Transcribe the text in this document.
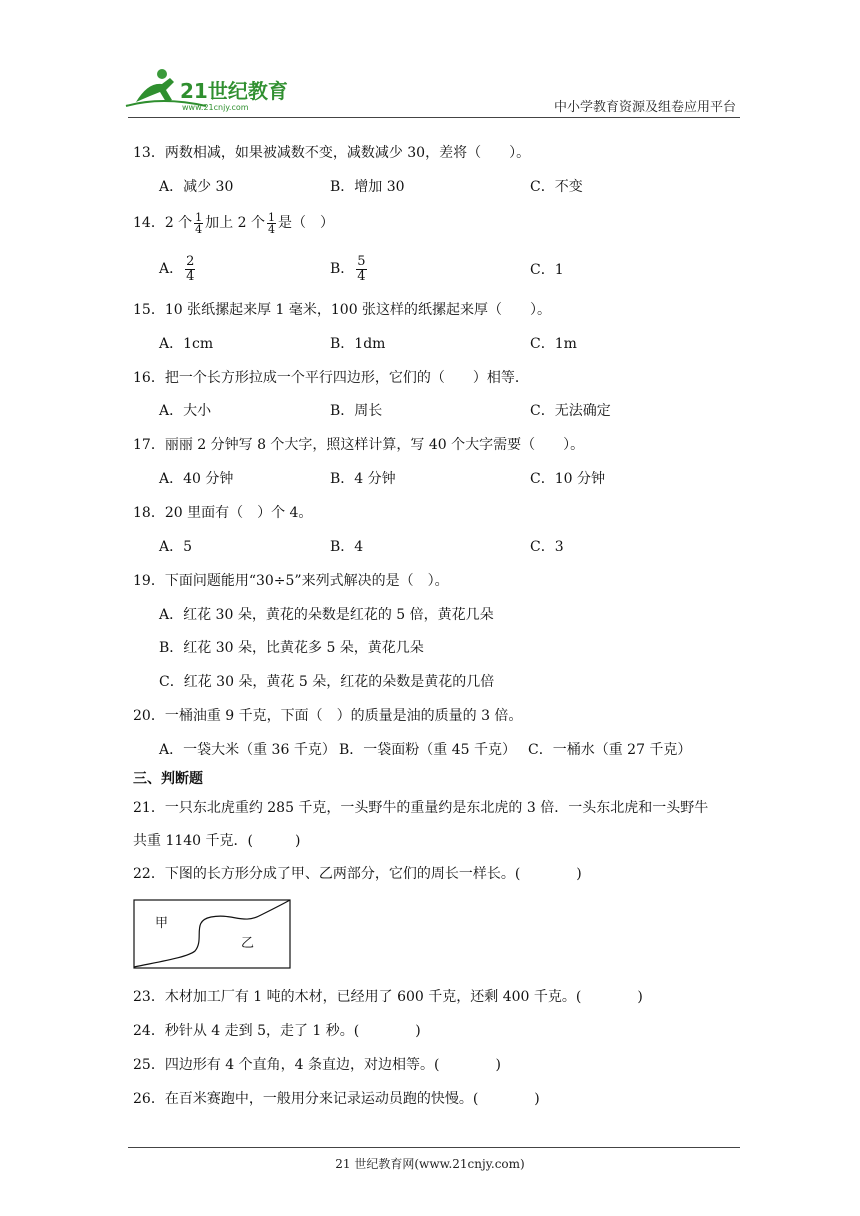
21世纪教育
www.21cnjy.com	中小学教育资源及组卷应用平台
13．两数相减，如果被减数不变，减数减少 30，差将（　　）。
A．减少 30	B．增加 30	C．不变
14．2 个 $\frac{1}{4}$ 加上 2 个 $\frac{1}{4}$ 是（　）
A． $\frac{2}{4}$	B． $\frac{5}{4}$	C．1
15．10 张纸摞起来厚 1 毫米，100 张这样的纸摞起来厚（　　）。
A．1cm	B．1dm	C．1m
16．把一个长方形拉成一个平行四边形，它们的（　　）相等．
A．大小	B．周长	C．无法确定
17．丽丽 2 分钟写 8 个大字，照这样计算，写 40 个大字需要（　　）。
A．40 分钟	B．4 分钟	C．10 分钟
18．20 里面有（　）个 4。
A．5	B．4	C．3
19．下面问题能用“30÷5”来列式解决的是（　）。
A．红花 30 朵，黄花的朵数是红花的 5 倍，黄花几朵
B．红花 30 朵，比黄花多 5 朵，黄花几朵
C．红花 30 朵，黄花 5 朵，红花的朵数是黄花的几倍
20．一桶油重 9 千克，下面（　）的质量是油的质量的 3 倍。
A．一袋大米（重 36 千克） B．一袋面粉（重 45 千克） C．一桶水（重 27 千克）
三、判断题
21．一只东北虎重约 285 千克，一头野牛的重量约是东北虎的 3 倍．一头东北虎和一头野牛
共重 1140 千克．(　　　)
22．下图的长方形分成了甲、乙两部分，它们的周长一样长。(　　　　)
甲
乙
23．木材加工厂有 1 吨的木材，已经用了 600 千克，还剩 400 千克。(　　　　)
24．秒针从 4 走到 5，走了 1 秒。(　　　　)
25．四边形有 4 个直角，4 条直边，对边相等。(　　　　)
26．在百米赛跑中，一般用分来记录运动员跑的快慢。(　　　　)
21 世纪教育网(www.21cnjy.com)
